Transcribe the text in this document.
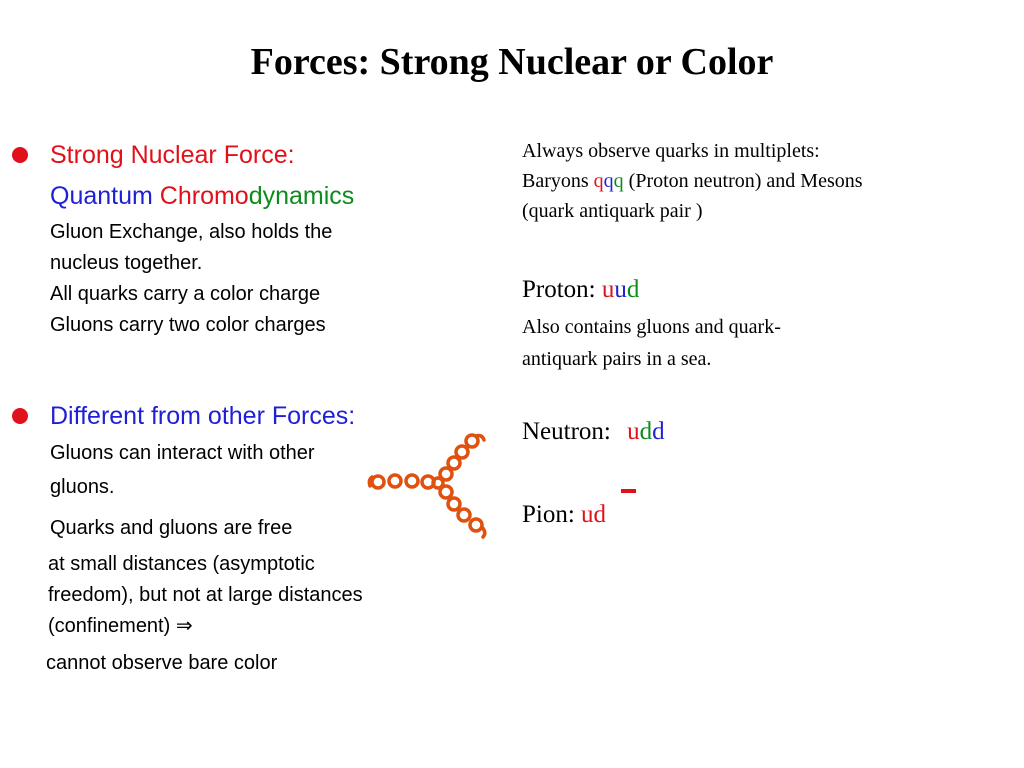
Forces: Strong Nuclear or Color
Strong Nuclear Force:
Quantum Chromodynamics
Gluon Exchange, also holds the
nucleus together.
All quarks carry a color charge
Gluons carry two color charges
Different from other Forces:
Gluons can interact with other
gluons.
Quarks and gluons are free
at small distances (asymptotic
freedom), but not at large distances
(confinement) ⇒
cannot observe bare color
Always observe quarks in multiplets:
Baryons qqq (Proton neutron) and Mesons
(quark antiquark pair )
Proton: uud
Also contains gluons and quark-
antiquark pairs in a sea.
Neutron: udd
Pion: ud
